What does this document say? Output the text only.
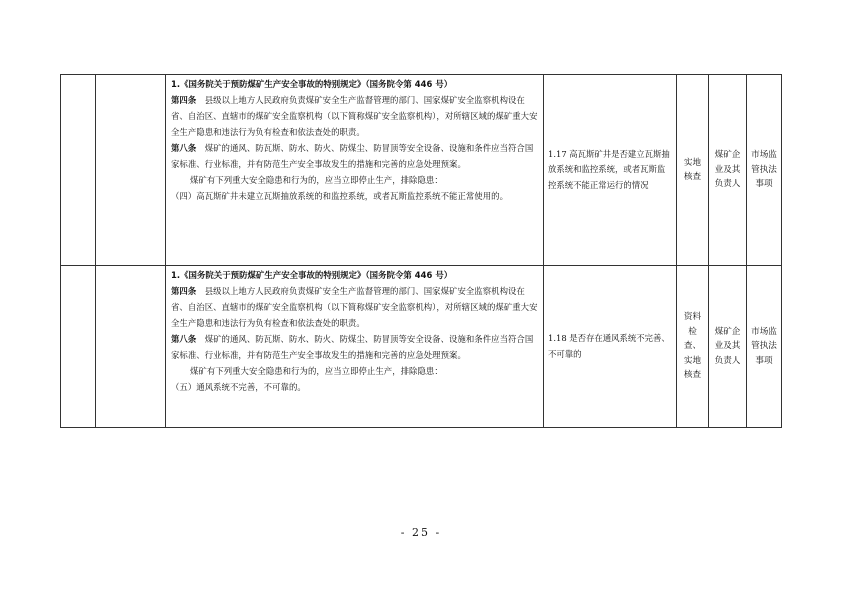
		1.《国务院关于预防煤矿生产安全事故的特别规定》（国务院令第 446 号）
第四条　县级以上地方人民政府负责煤矿安全生产监督管理的部门、国家煤矿安全监察机构设在省、自治区、直辖市的煤矿安全监察机构（以下简称煤矿安全监察机构），对所辖区域的煤矿重大安全生产隐患和违法行为负有检查和依法查处的职责。
第八条　煤矿的通风、防瓦斯、防水、防火、防煤尘、防冒顶等安全设备、设施和条件应当符合国家标准、行业标准，并有防范生产安全事故发生的措施和完善的应急处理预案。
煤矿有下列重大安全隐患和行为的，应当立即停止生产，排除隐患：
（四）高瓦斯矿井未建立瓦斯抽放系统的和监控系统，或者瓦斯监控系统不能正常使用的。	1.17 高瓦斯矿井是否建立瓦斯抽放系统和监控系统，或者瓦斯监控系统不能正常运行的情况	实地核查	煤矿企业及其负责人	市场监管执法事项

		1.《国务院关于预防煤矿生产安全事故的特别规定》（国务院令第 446 号）
第四条　县级以上地方人民政府负责煤矿安全生产监督管理的部门、国家煤矿安全监察机构设在省、自治区、直辖市的煤矿安全监察机构（以下简称煤矿安全监察机构），对所辖区域的煤矿重大安全生产隐患和违法行为负有检查和依法查处的职责。
第八条　煤矿的通风、防瓦斯、防水、防火、防煤尘、防冒顶等安全设备、设施和条件应当符合国家标准、行业标准，并有防范生产安全事故发生的措施和完善的应急处理预案。
煤矿有下列重大安全隐患和行为的，应当立即停止生产，排除隐患：
（五）通风系统不完善，不可靠的。	1.18 是否存在通风系统不完善、不可靠的	资料检查、实地核查	煤矿企业及其负责人	市场监管执法事项
- 25 -
